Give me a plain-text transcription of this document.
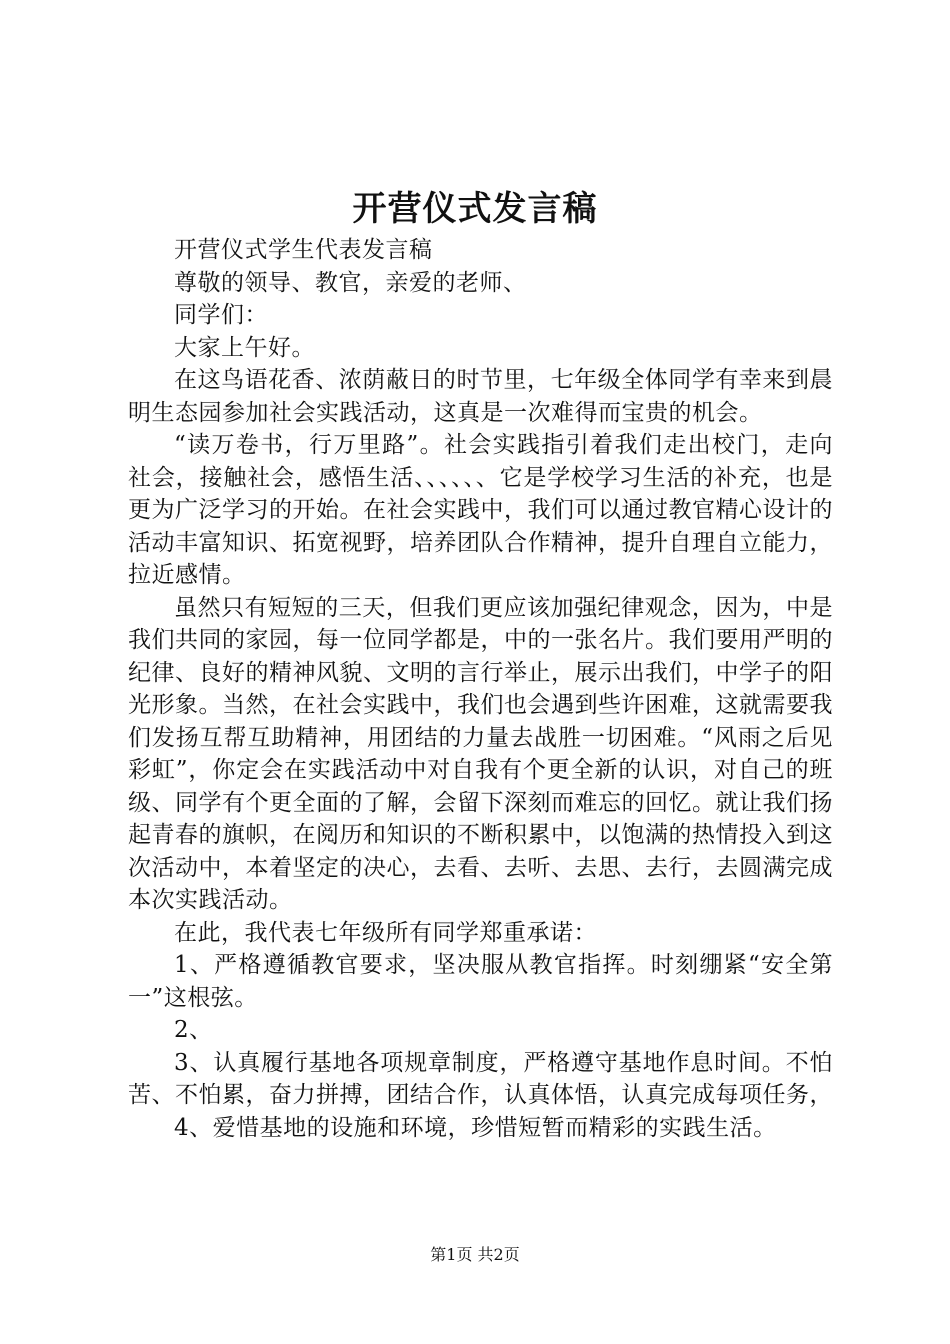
开营仪式发言稿

开营仪式学生代表发言稿

尊敬的领导、教官，亲爱的老师、

同学们：

大家上午好。

在这鸟语花香、浓荫蔽日的时节里，七年级全体同学有幸来到晨明生态园参加社会实践活动，这真是一次难得而宝贵的机会。

“读万卷书，行万里路”。社会实践指引着我们走出校门，走向社会，接触社会，感悟生活、、、、、、它是学校学习生活的补充，也是更为广泛学习的开始。在社会实践中，我们可以通过教官精心设计的活动丰富知识、拓宽视野，培养团队合作精神，提升自理自立能力，拉近感情。

虽然只有短短的三天，但我们更应该加强纪律观念，因为，中是我们共同的家园，每一位同学都是，中的一张名片。我们要用严明的纪律、良好的精神风貌、文明的言行举止，展示出我们，中学子的阳光形象。当然，在社会实践中，我们也会遇到些许困难，这就需要我们发扬互帮互助精神，用团结的力量去战胜一切困难。“风雨之后见彩虹”，你定会在实践活动中对自我有个更全新的认识，对自己的班级、同学有个更全面的了解，会留下深刻而难忘的回忆。就让我们扬起青春的旗帜，在阅历和知识的不断积累中，以饱满的热情投入到这次活动中，本着坚定的决心，去看、去听、去思、去行，去圆满完成本次实践活动。

在此，我代表七年级所有同学郑重承诺：

1、严格遵循教官要求，坚决服从教官指挥。时刻绷紧“安全第一”这根弦。

2、

3、认真履行基地各项规章制度，严格遵守基地作息时间。不怕苦、不怕累，奋力拼搏，团结合作，认真体悟，认真完成每项任务，

4、爱惜基地的设施和环境，珍惜短暂而精彩的实践生活。

第1页 共2页
